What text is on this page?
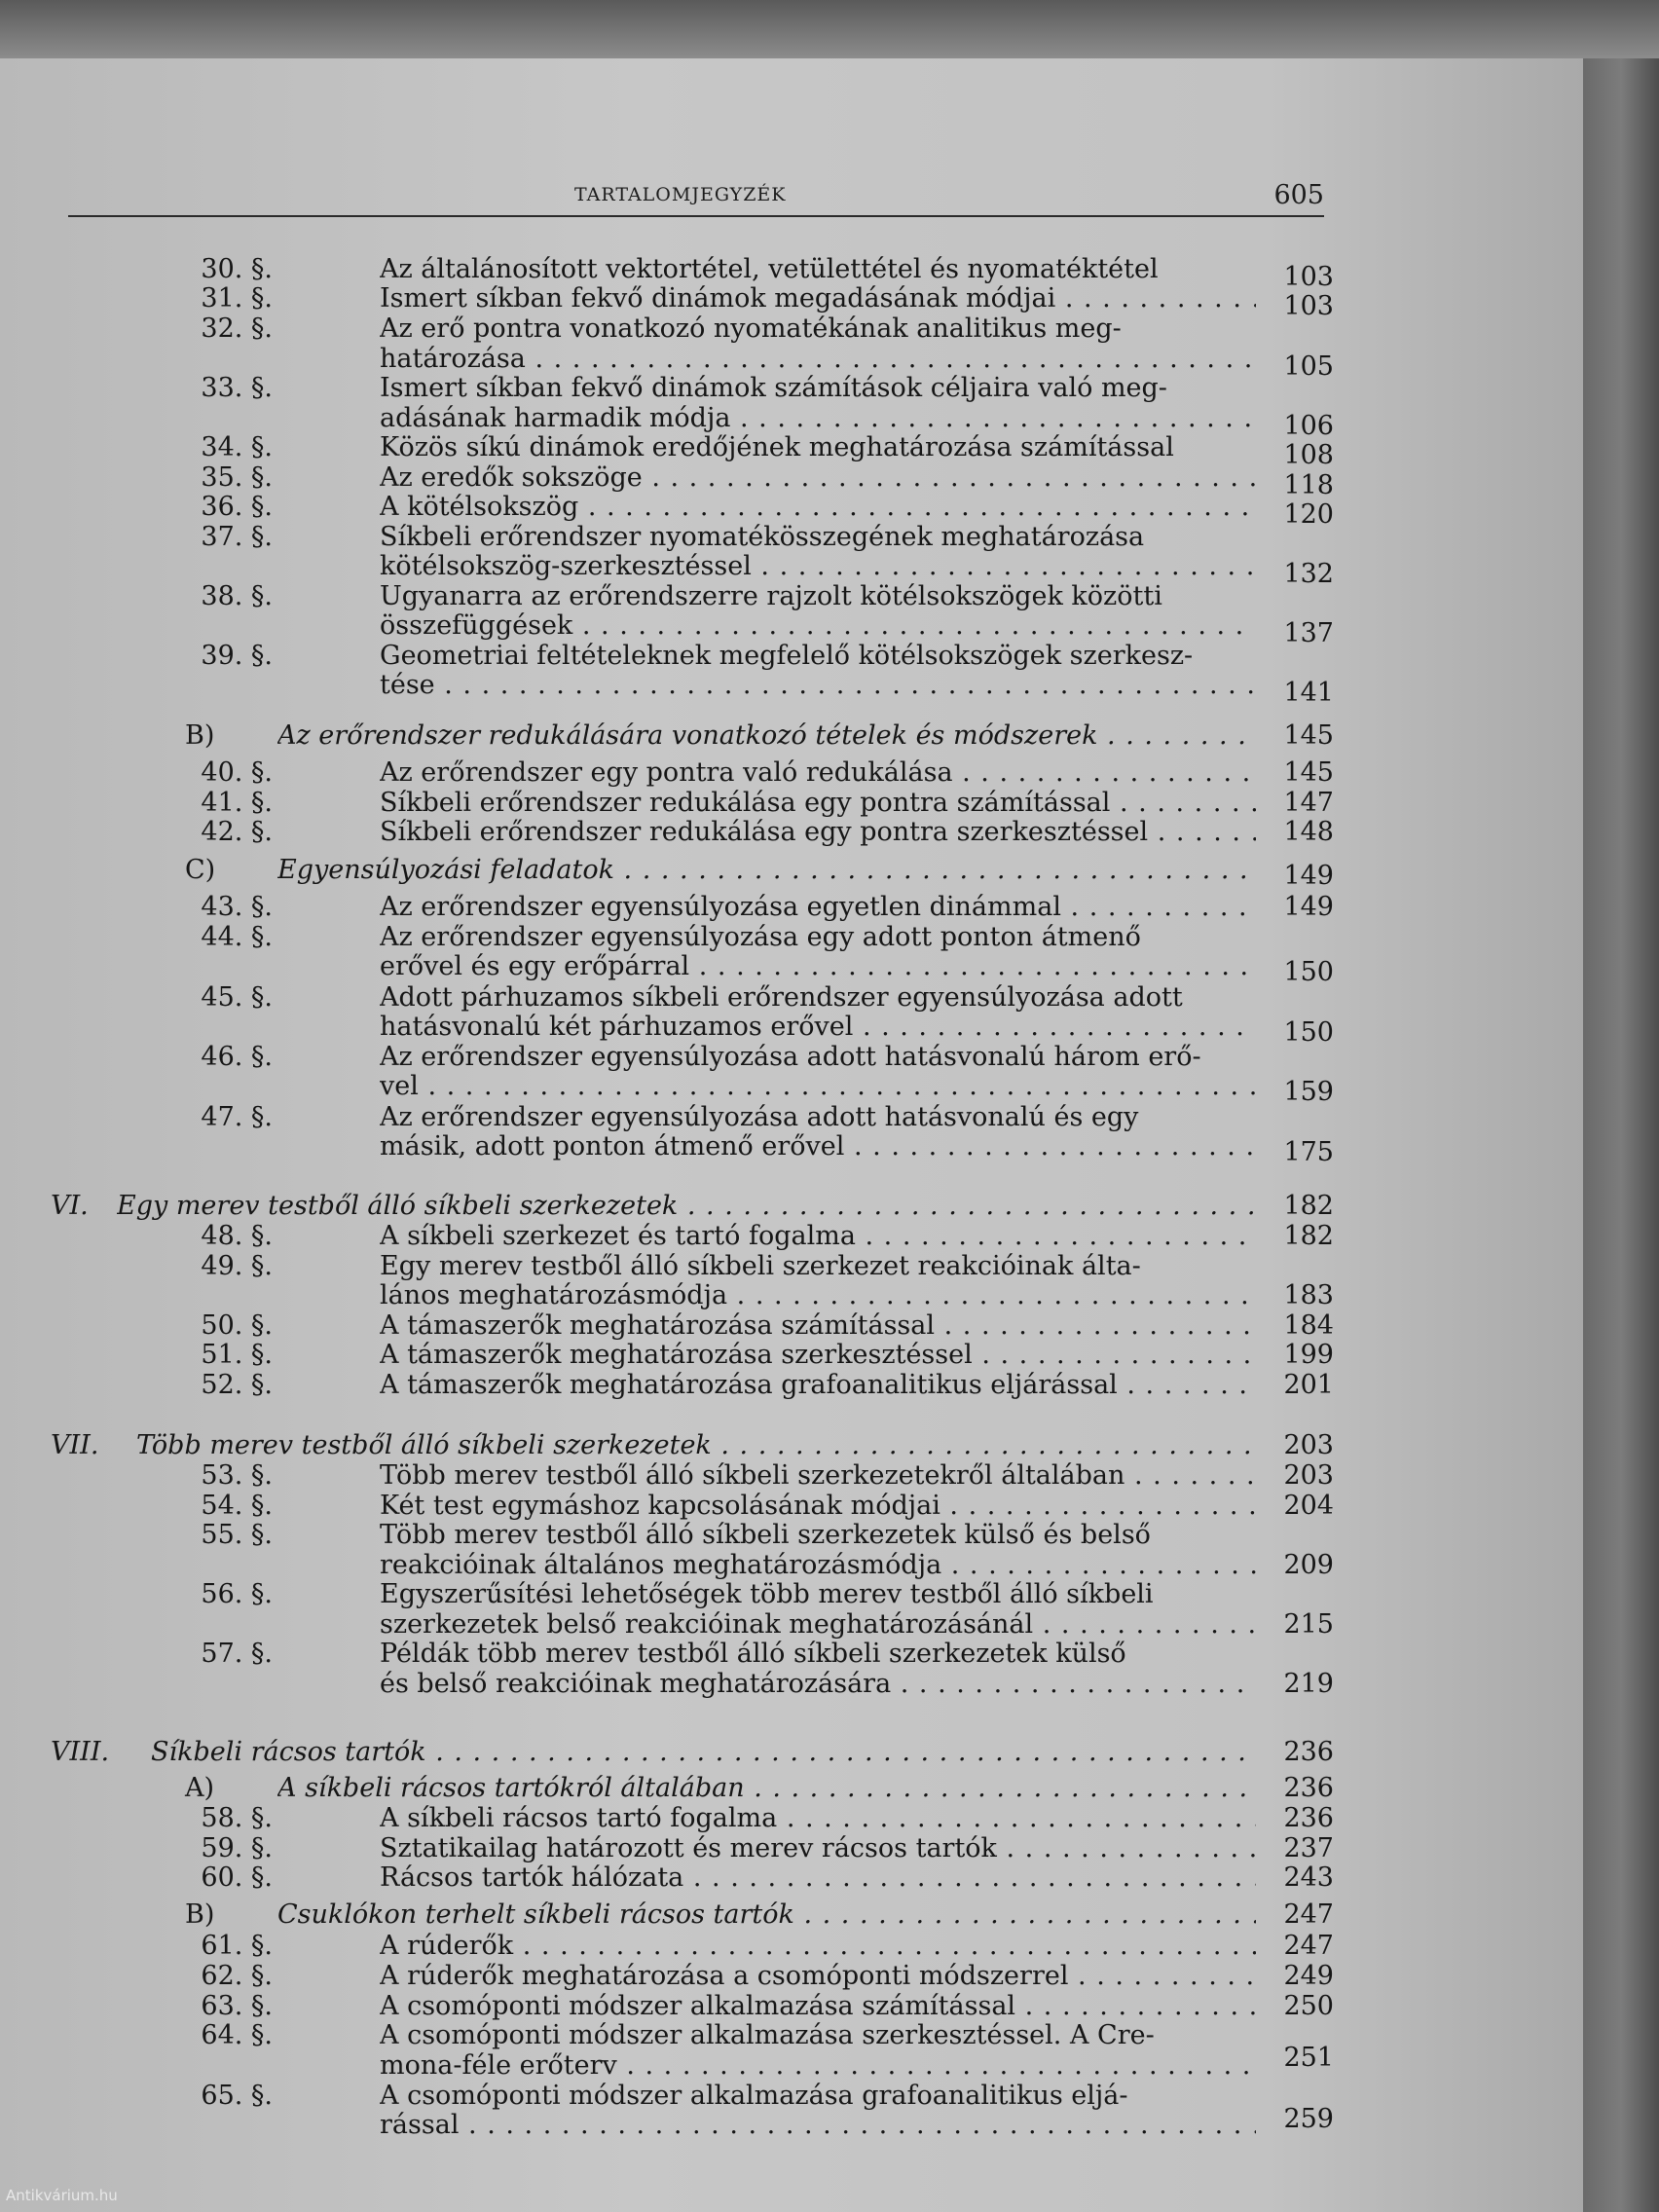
TARTALOMJEGYZÉK	605
30. §.	Az általánosított vektortétel, vetülettétel és nyomatéktétel	103
31. §.	Ismert síkban fekvő dinámok megadásának módjai . . .	103
32. §.	Az erő pontra vonatkozó nyomatékának analitikus meg-
határozása . . .	105
33. §.	Ismert síkban fekvő dinámok számítások céljaira való meg-
adásának harmadik módja . . .	106
34. §.	Közös síkú dinámok eredőjének meghatározása számítással	108
35. §.	Az eredők sokszöge . . .	118
36. §.	A kötélsokszög . . .	120
37. §.	Síkbeli erőrendszer nyomatékösszegének meghatározása
kötélsokszög-szerkesztéssel . . .	132
38. §.	Ugyanarra az erőrendszerre rajzolt kötélsokszögek közötti
összefüggések . . .	137
39. §.	Geometriai feltételeknek megfelelő kötélsokszögek szerkesz-
tése . . .	141
B)	Az erőrendszer redukálására vonatkozó tételek és módszerek . . .	145
40. §.	Az erőrendszer egy pontra való redukálása . . .	145
41. §.	Síkbeli erőrendszer redukálása egy pontra számítással . . .	147
42. §.	Síkbeli erőrendszer redukálása egy pontra szerkesztéssel . . .	148
C)	Egyensúlyozási feladatok . . .	149
43. §.	Az erőrendszer egyensúlyozása egyetlen dinámmal . . .	149
44. §.	Az erőrendszer egyensúlyozása egy adott ponton átmenő
erővel és egy erőpárral . . .	150
45. §.	Adott párhuzamos síkbeli erőrendszer egyensúlyozása adott
hatásvonalú két párhuzamos erővel . . .	150
46. §.	Az erőrendszer egyensúlyozása adott hatásvonalú három erő-
vel . . .	159
47. §.	Az erőrendszer egyensúlyozása adott hatásvonalú és egy
másik, adott ponton átmenő erővel . . .	175
VI.	Egy merev testből álló síkbeli szerkezetek . . .	182
48. §.	A síkbeli szerkezet és tartó fogalma . . .	182
49. §.	Egy merev testből álló síkbeli szerkezet reakcióinak álta-
lános meghatározásmódja . . .	183
50. §.	A támaszerők meghatározása számítással . . .	184
51. §.	A támaszerők meghatározása szerkesztéssel . . .	199
52. §.	A támaszerők meghatározása grafoanalitikus eljárással . . .	201
VII.	Több merev testből álló síkbeli szerkezetek . . .	203
53. §.	Több merev testből álló síkbeli szerkezetekről általában . . .	203
54. §.	Két test egymáshoz kapcsolásának módjai . . .	204
55. §.	Több merev testből álló síkbeli szerkezetek külső és belső
reakcióinak általános meghatározásmódja . . .	209
56. §.	Egyszerűsítési lehetőségek több merev testből álló síkbeli
szerkezetek belső reakcióinak meghatározásánál . . .	215
57. §.	Példák több merev testből álló síkbeli szerkezetek külső
és belső reakcióinak meghatározására . . .	219
VIII.	Síkbeli rácsos tartók . . .	236
A)	A síkbeli rácsos tartókról általában . . .	236
58. §.	A síkbeli rácsos tartó fogalma . . .	236
59. §.	Sztatikailag határozott és merev rácsos tartók . . .	237
60. §.	Rácsos tartók hálózata . . .	243
B)	Csuklókon terhelt síkbeli rácsos tartók . . .	247
61. §.	A rúderők . . .	247
62. §.	A rúderők meghatározása a csomóponti módszerrel . . .	249
63. §.	A csomóponti módszer alkalmazása számítással . . .	250
64. §.	A csomóponti módszer alkalmazása szerkesztéssel. A Cre-
mona-féle erőterv . . .	251
65. §.	A csomóponti módszer alkalmazása grafoanalitikus eljá-
rással . . .	259
Antikvárium.hu
